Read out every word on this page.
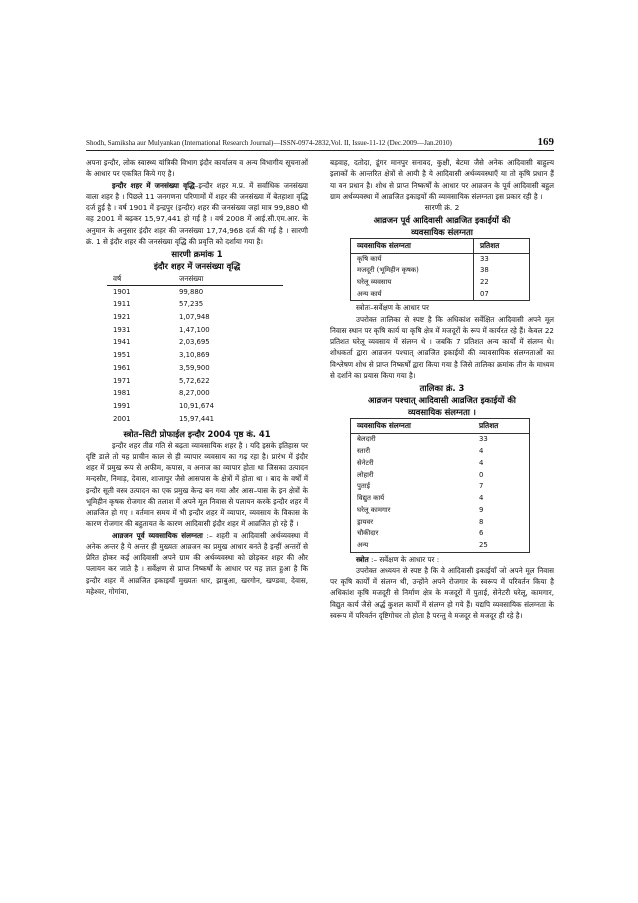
Shodh, Samiksha aur Mulyankan (International Research Journal)—ISSN-0974-2832,Vol. II, Issue-11-12 (Dec.2009—Jan.2010)	169

अपना इन्दौर, लोक स्वास्थ्य यांत्रिकी विभाग इंदौर कार्यालय व अन्य विभागीय सूचनाओं के आधार पर एकत्रित किये गए है।

इन्दौर शहर में जनसंख्या वृद्धि–इन्दौर शहर म.प्र. में सर्वाधिक जनसंख्या वाला शहर है । पिछले 11 जनगणना परिणामों में शहर की जनसंख्या में बेतहाशा वृद्धि दर्ज हुई है । वर्ष 1901 में इन्द्रपुर (इन्दौर) शहर की जनसंख्या जहां मात्र 99,880 थी वह 2001 में बढ़कर 15,97,441 हो गई है । वर्ष 2008 में आई.सी.एम.आर. के अनुमान के अनुसार इंदौर शहर की जनसंख्या 17,74,968 दर्ज की गई है । सारणी क्रं. 1 से इंदौर शहर की जनसंख्या वृद्धि की प्रवृत्ति को दर्शाया गया है।

सारणी क्रमांक 1
इंदौर शहर में जनसंख्या वृद्धि
वर्ष	जनसंख्या
1901	99,880
1911	57,235
1921	1,07,948
1931	1,47,100
1941	2,03,695
1951	3,10,869
1961	3,59,900
1971	5,72,622
1981	8,27,000
1991	10,91,674
2001	15,97,441
स्त्रोत–सिटी प्रोफाईल इन्दौर 2004 पृष्ठ कं. 41

इन्दौर शहर तीव्र गति से बढ़ता व्यावसायिक शहर है । यदि इसके इतिहास पर दृष्टि डाले तो यह प्राचीन काल से ही व्यापार व्यवसाय का गढ़ रहा है। प्रारंभ में इंदौर शहर में प्रमुख रूप से अफीम, कपास, व अनाज का व्यापार होता था जिसका उत्पादन मन्दसौर, निमाड़, देवास, शाजापुर जैसे आसपास के क्षेत्रों में होता था । बाद के वर्षों में इन्दौर सूती वस्त्र उत्पादन का एक प्रमुख केन्द्र बन गया और आस–पास के इन क्षेत्रों के भूमिहीन कृषक रोजगार की तलाश में अपने मूल निवास से पलायन करके इन्दौर शहर में आव्रजित हो गए । वर्तमान समय में भी इन्दौर शहर में व्यापार, व्यवसाय के विकास के कारण रोजगार की बहुतायत के कारण आदिवासी इंदौर शहर में आव्रजित हो रहे हैं ।

आव्रजन पूर्व व्यवसायिक संलग्नता :– शहरी व आदिवासी अर्थव्यवस्था में अनेक अन्तर है ये अन्तर ही मुख्यतः आव्रजन का प्रमुख आधार बनते है इन्हीं अन्तरों से प्रेरित होकर कई आदिवासी अपने ग्राम की अर्थव्यवस्था को छोड़कर शहर की और पलायन कर जाते है । सर्वेक्षण से प्राप्त निष्कर्षों के आधार पर यह ज्ञात हुआ है कि इन्दौर शहर में आव्रजित इकाइयाँ मुख्यतः धार, झाबुआ, खरगोन, खण्डवा, देवास, महेश्वर, गोगांवा,

बड़वाह, दतोदा, डूंगर मानपुर सनावद, कुक्षी, बेटमा जैसे अनेक आदिवासी बाहुल्य इलाकों के आन्तरित क्षेत्रों से आयी है ये आदिवासी अर्थव्यवस्थाएँ या तो कृषि प्रधान हैं या वन प्रधान है। शोध से प्राप्त निष्कर्षों के आधार पर आव्रजन के पूर्व आदिवासी बहुल ग्राम अर्थव्यवस्था में आव्रजित इकाइयों की व्यावसायिक संलग्नता इस प्रकार रही है ।

सारणी क्रं. 2
आव्रजन पूर्व आदिवासी आव्रजित इकाईयों की
व्यवसायिक संलग्नता
व्यवसायिक संलग्नता	प्रतिशत
कृषि कार्य	33
मजदूरी (भूमिहीन कृषक)	38
घरेलू व्यवसाय	22
अन्य कार्य	07

स्त्रोतः–सर्वेक्षण के आधार पर

उपरोक्त तालिका से स्पष्ट है कि अधिकांश सर्वेक्षित आदिवासी अपने मूल निवास स्थान पर कृषि कार्य या कृषि क्षेत्र में मजदूरों के रूप में कार्यरत रहे हैं। केवल 22 प्रतिशत घरेलू व्यवसाय में संलग्न थे । जबकि 7 प्रतिशत अन्य कार्यों में संलग्न थे। शोधकर्ता द्वारा आव्रजन पश्चात् आव्रजित इकाईयों की व्यावसायिक संलग्नताओं का विश्लेषण शोध से प्राप्त निष्कर्षों द्वारा किया गया है जिसे तालिका क्रमांक तीन के माध्यम से दर्शाने का प्रयास किया गया है।

तालिका क्रं. 3
आव्रजन पश्चात् आदिवासी आव्रजित इकाईयों की
व्यवसायिक संलग्नता ।
व्यवसायिक संलग्नता	प्रतिशत
बेलदारी	33
स्तारी	4
सेनेटरी	4
लोहारी	0
पुताई	7
विद्युत कार्य	4
घरेलू कामगार	9
ड्रायवर	8
चौकीदार	6
अन्य	25

स्त्रोत :– सर्वेक्षण के आधार पर :

उपरोक्त अध्ययन से स्पष्ट है कि वे आदिवासी इकाईयाँ जो अपने मूल निवास पर कृषि कार्यों में संलग्न थी, उन्होंने अपने रोजगार के स्वरूप में परिवर्तन किया है अधिकांश कृषि मजदूरी से निर्माण क्षेत्र के मजदूरों में पुताई, सेनेटरी घरेलू, कामगार, विद्युत कार्य जैसे अर्द्ध कुशल कार्यों में संलग्न हो गये हैं। यद्यपि व्यवसायिक संलग्नता के स्वरूप में परिवर्तन दृष्टिगोचर तो होता है परन्तु वे मजदूर से मजदूर ही रहे है।
